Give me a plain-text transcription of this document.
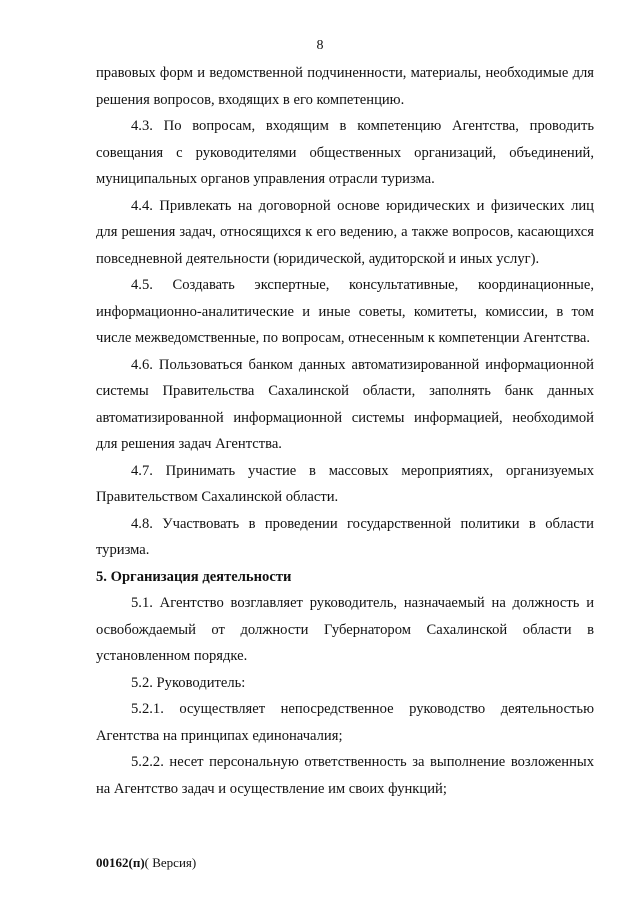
8

правовых форм и ведомственной подчиненности, материалы, необходимые для решения вопросов, входящих в его компетенцию.

4.3. По вопросам, входящим в компетенцию Агентства, проводить совещания с руководителями общественных организаций, объединений, муниципальных органов управления отрасли туризма.

4.4. Привлекать на договорной основе юридических и физических лиц для решения задач, относящихся к его ведению, а также вопросов, касающихся повседневной деятельности (юридической, аудиторской и иных услуг).

4.5. Создавать экспертные, консультативные, координационные, информационно-аналитические и иные советы, комитеты, комиссии, в том числе межведомственные, по вопросам, отнесенным к компетенции Агентства.

4.6. Пользоваться банком данных автоматизированной информационной системы Правительства Сахалинской области, заполнять банк данных автоматизированной информационной системы информацией, необходимой для решения задач Агентства.

4.7. Принимать участие в массовых мероприятиях, организуемых Правительством Сахалинской области.

4.8. Участвовать в проведении государственной политики в области туризма.

5. Организация деятельности

5.1. Агентство возглавляет руководитель, назначаемый на должность и освобождаемый от должности Губернатором Сахалинской области в установленном порядке.

5.2. Руководитель:

5.2.1. осуществляет непосредственное руководство деятельностью Агентства на принципах единоначалия;

5.2.2. несет персональную ответственность за выполнение возложенных на Агентство задач и осуществление им своих функций;

00162(п)( Версия)
